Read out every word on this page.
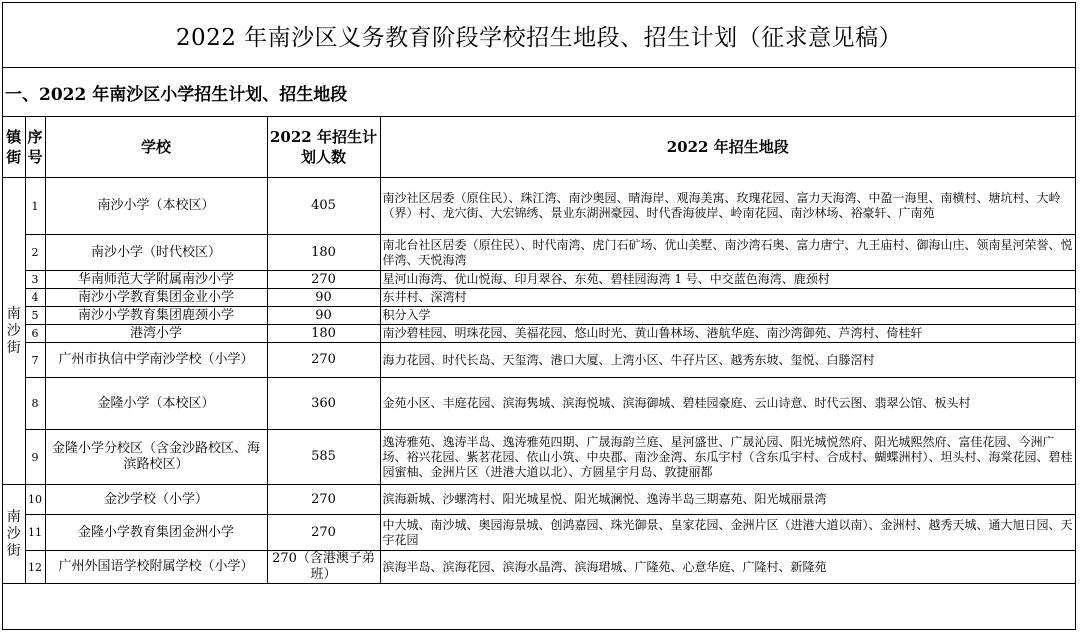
2022 年南沙区义务教育阶段学校招生地段、招生计划（征求意见稿）
一、2022 年南沙区小学招生计划、招生地段
镇街	序号	学校	2022 年招生计划人数	2022 年招生地段
南沙街	1	南沙小学（本校区）	405	南沙社区居委（原住民）、珠江湾、南沙奥园、晴海岸、观海美寓、玫瑰花园、富力天海湾、中盈一海里、南横村、塘坑村、大岭（界）村、龙穴街、大宏锦绣、景业东湖洲豪园、时代香海彼岸、岭南花园、南沙林场、裕豪轩、广南苑
	2	南沙小学（时代校区）	180	南北台社区居委（原住民）、时代南湾、虎门石矿场、优山美墅、南沙湾石奥、富力唐宁、九王庙村、御海山庄、领南星河荣誉、悦伴湾、天悦海湾
	3	华南师范大学附属南沙小学	270	星河山海湾、优山悦海、印月翠谷、东苑、碧桂园海湾 1 号、中交蓝色海湾、鹿颈村
	4	南沙小学教育集团金业小学	90	东井村、深湾村
	5	南沙小学教育集团鹿颈小学	90	积分入学
	6	港湾小学	180	南沙碧桂园、明珠花园、美福花园、悠山时光、黄山鲁林场、港航华庭、南沙湾御苑、芦湾村、倚桂轩
	7	广州市执信中学南沙学校（小学）	270	海力花园、时代长岛、天玺湾、港口大厦、上湾小区、牛孖片区、越秀东坡、玺悦、白滕滘村
	8	金隆小学（本校区）	360	金苑小区、丰庭花园、滨海隽城、滨海悦城、滨海御城、碧桂园豪庭、云山诗意、时代云图、翡翠公馆、板头村
	9	金隆小学分校区（含金沙路校区、海滨路校区）	585	逸涛雅苑、逸涛半岛、逸涛雅苑四期、广晟海韵兰庭、星河盛世、广晟沁园、阳光城悦然府、阳光城熙然府、富佳花园、今洲广场、裕兴花园、紫茗花园、依山小筑、中央郡、南沙金湾、东瓜宇村（含东瓜宇村、合成村、蝴蝶洲村）、坦头村、海棠花园、碧桂园蜜柚、金洲片区（进港大道以北）、方圆星宇月岛、敦捷丽都
南沙街	10	金沙学校（小学）	270	滨海新城、沙螺湾村、阳光城星悦、阳光城澜悦、逸涛半岛三期嘉苑、阳光城丽景湾
	11	金隆小学教育集团金洲小学	270	中大城、南沙城、奥园海景城、创鸿嘉园、珠光御景、皇家花园、金洲片区（进港大道以南）、金洲村、越秀天城、通大旭日园、天宇花园
	12	广州外国语学校附属学校（小学）	270（含港澳子弟班）	滨海半岛、滨海花园、滨海水晶湾、滨海珺城、广隆苑、心意华庭、广隆村、新隆苑
